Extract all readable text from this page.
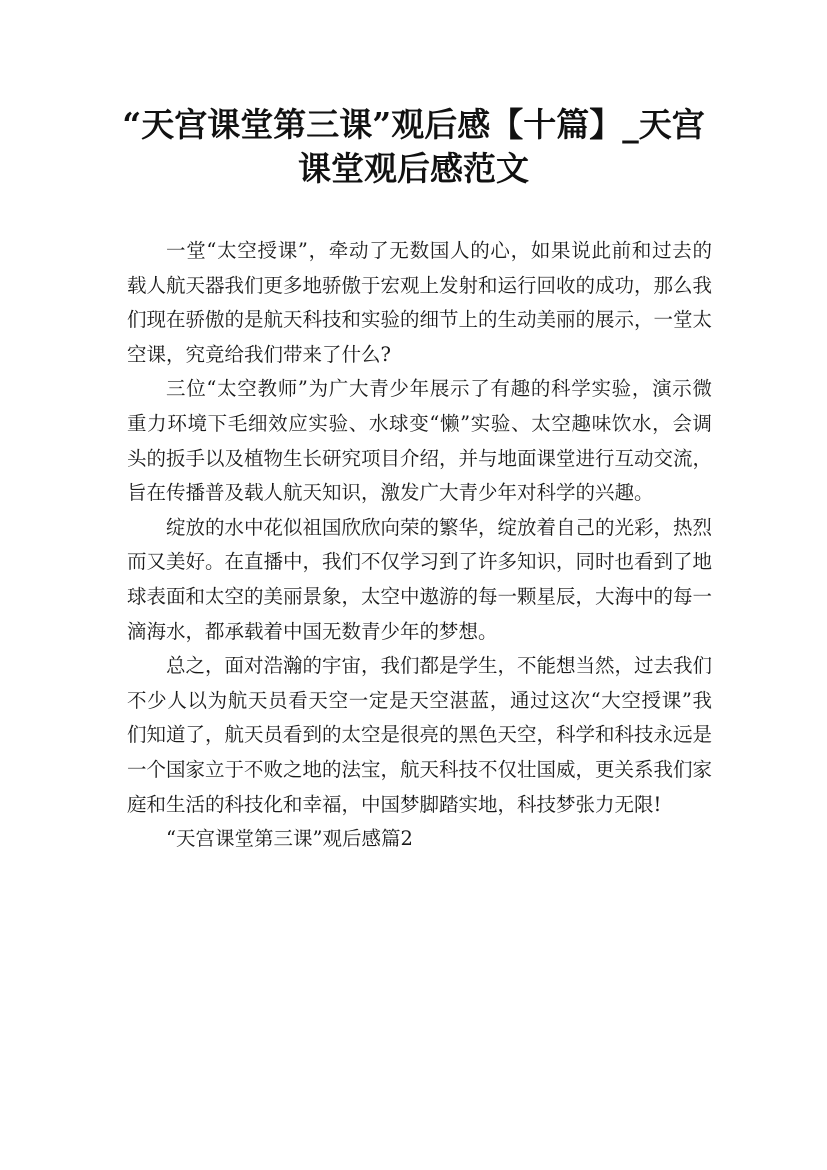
“天宫课堂第三课”观后感【十篇】_天宫课堂观后感范文

一堂“太空授课”，牵动了无数国人的心，如果说此前和过去的载人航天器我们更多地骄傲于宏观上发射和运行回收的成功，那么我们现在骄傲的是航天科技和实验的细节上的生动美丽的展示，一堂太空课，究竟给我们带来了什么?

三位“太空教师”为广大青少年展示了有趣的科学实验，演示微重力环境下毛细效应实验、水球变“懒”实验、太空趣味饮水，会调头的扳手以及植物生长研究项目介绍，并与地面课堂进行互动交流，旨在传播普及载人航天知识，激发广大青少年对科学的兴趣。

绽放的水中花似祖国欣欣向荣的繁华，绽放着自己的光彩，热烈而又美好。在直播中，我们不仅学习到了许多知识，同时也看到了地球表面和太空的美丽景象，太空中遨游的每一颗星辰，大海中的每一滴海水，都承载着中国无数青少年的梦想。

总之，面对浩瀚的宇宙，我们都是学生，不能想当然，过去我们不少人以为航天员看天空一定是天空湛蓝，通过这次“大空授课”我们知道了，航天员看到的太空是很亮的黑色天空，科学和科技永远是一个国家立于不败之地的法宝，航天科技不仅壮国威，更关系我们家庭和生活的科技化和幸福，中国梦脚踏实地，科技梦张力无限!

“天宫课堂第三课”观后感篇2
